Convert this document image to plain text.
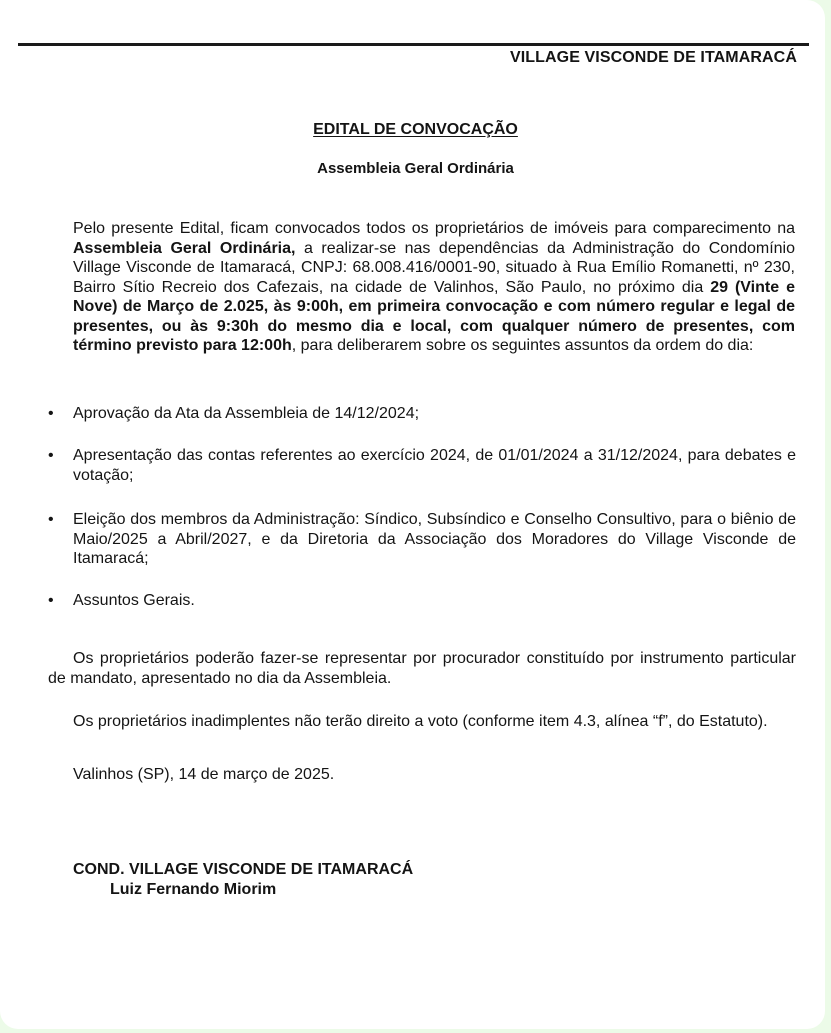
VILLAGE VISCONDE DE ITAMARACÁ
EDITAL DE CONVOCAÇÃO
Assembleia Geral Ordinária
Pelo presente Edital, ficam convocados todos os proprietários de imóveis para comparecimento na Assembleia Geral Ordinária, a realizar-se nas dependências da Administração do Condomínio Village Visconde de Itamaracá, CNPJ: 68.008.416/0001-90, situado à Rua Emílio Romanetti, nº 230, Bairro Sítio Recreio dos Cafezais, na cidade de Valinhos, São Paulo, no próximo dia 29 (Vinte e Nove) de Março de 2.025, às 9:00h, em primeira convocação e com número regular e legal de presentes, ou às 9:30h do mesmo dia e local, com qualquer número de presentes, com término previsto para 12:00h, para deliberarem sobre os seguintes assuntos da ordem do dia:
•	Aprovação da Ata da Assembleia de 14/12/2024;
•	Apresentação das contas referentes ao exercício 2024, de 01/01/2024 a 31/12/2024, para debates e votação;
•	Eleição dos membros da Administração: Síndico, Subsíndico e Conselho Consultivo, para o biênio de Maio/2025 a Abril/2027, e da Diretoria da Associação dos Moradores do Village Visconde de Itamaracá;
•	Assuntos Gerais.
Os proprietários poderão fazer-se representar por procurador constituído por instrumento particular de mandato, apresentado no dia da Assembleia.
Os proprietários inadimplentes não terão direito a voto (conforme item 4.3, alínea “f”, do Estatuto).
Valinhos (SP), 14 de março de 2025.
COND. VILLAGE VISCONDE DE ITAMARACÁ
Luiz Fernando Miorim
